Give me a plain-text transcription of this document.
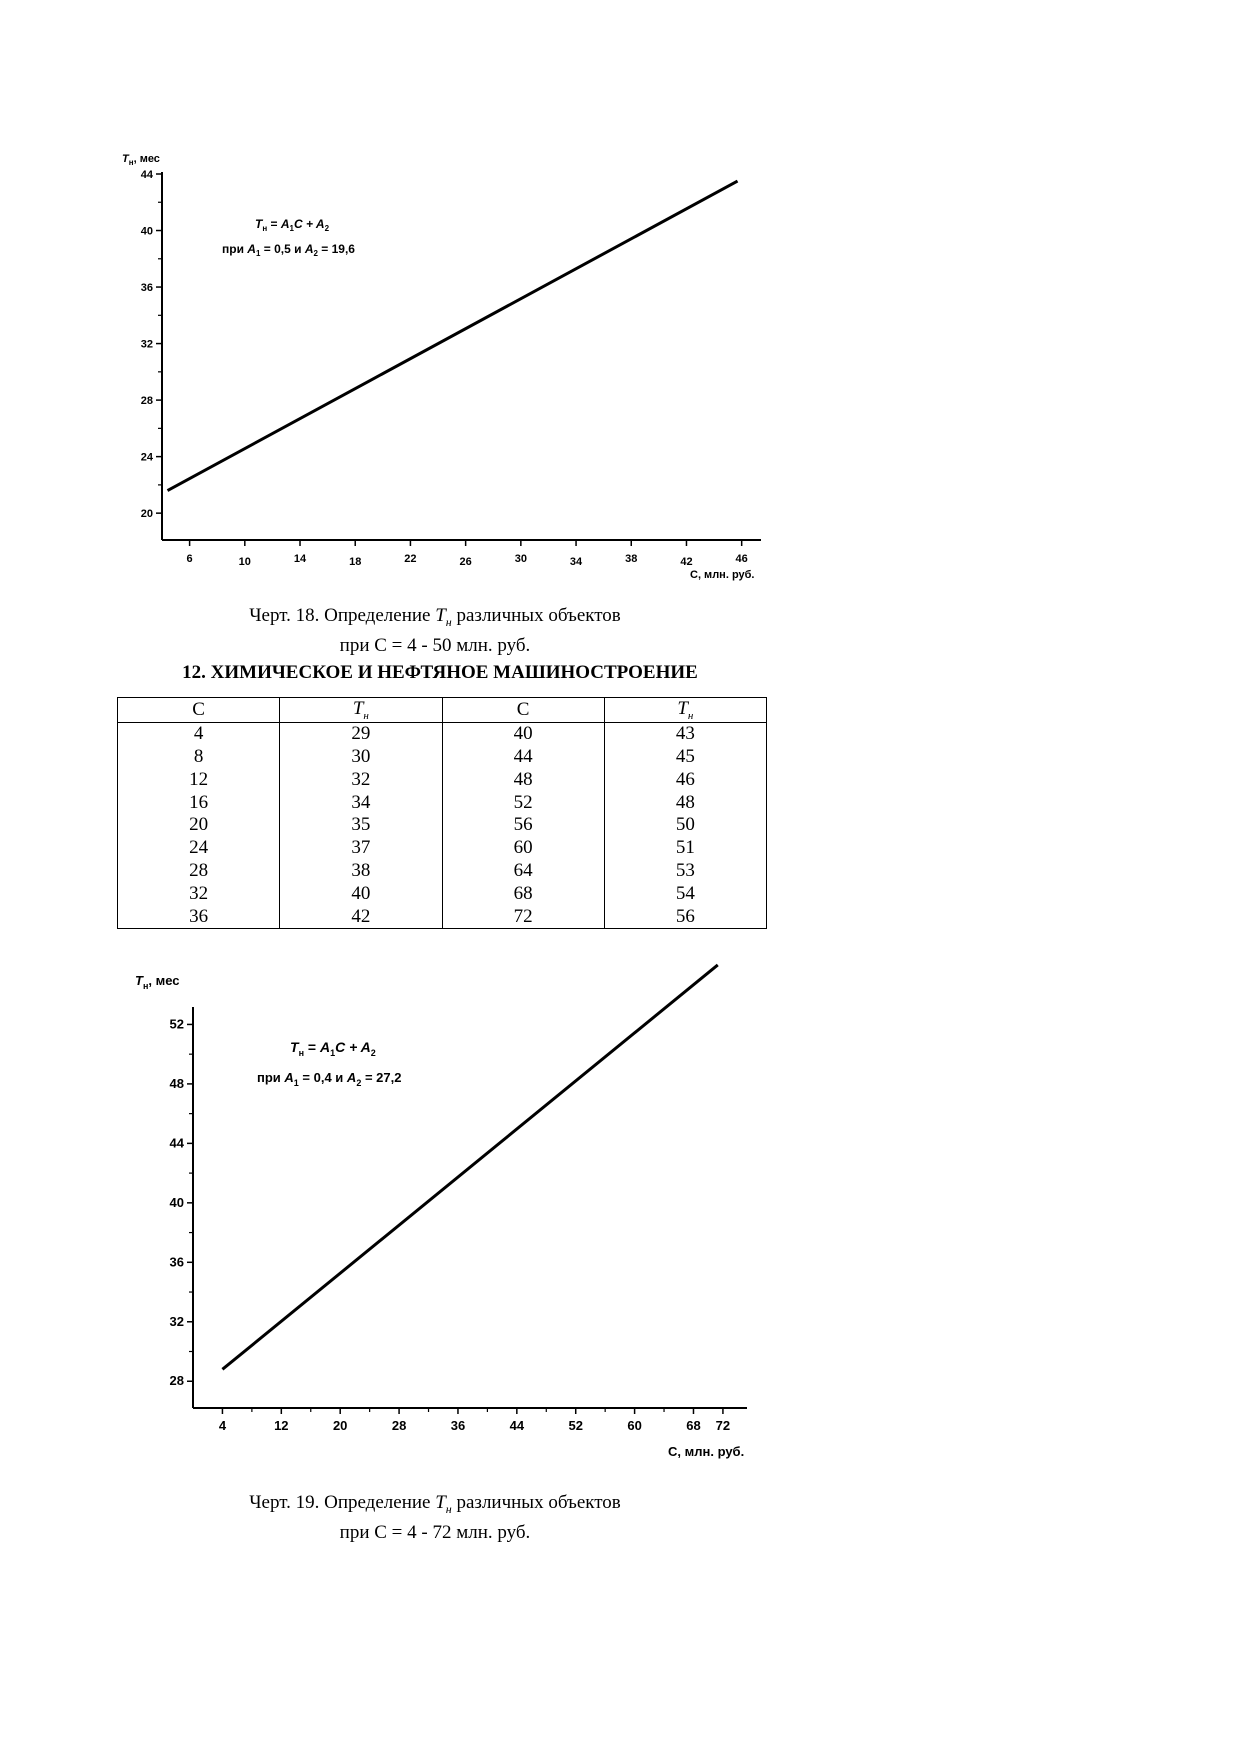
20
24
28
32
36
40
44
6	10	14	18	22	26	30	34	38	42	46
$T_н$, мес
С, млн. руб.
$T_н = A_1C + A_2$
при $A_1 = 0,5$ и $A_2 = 19,6$
Черт. 18. Определение $T_н$ различных объектов
при С = 4 - 50 млн. руб.
12. ХИМИЧЕСКОЕ И НЕФТЯНОЕ МАШИНОСТРОЕНИЕ
С	$T_н$	С	$T_н$
4	29	40	43
8	30	44	45
12	32	48	46
16	34	52	48
20	35	56	50
24	37	60	51
28	38	64	53
32	40	68	54
36	42	72	56
28
32
36
40
44
48
52
4	12	20	28	36	44	52	60	68 72
$T_н$, мес
С, млн. руб.
$T_н = A_1C + A_2$
при $A_1 = 0,4$ и $A_2 = 27,2$
Черт. 19. Определение $T_н$ различных объектов
при С = 4 - 72 млн. руб.
